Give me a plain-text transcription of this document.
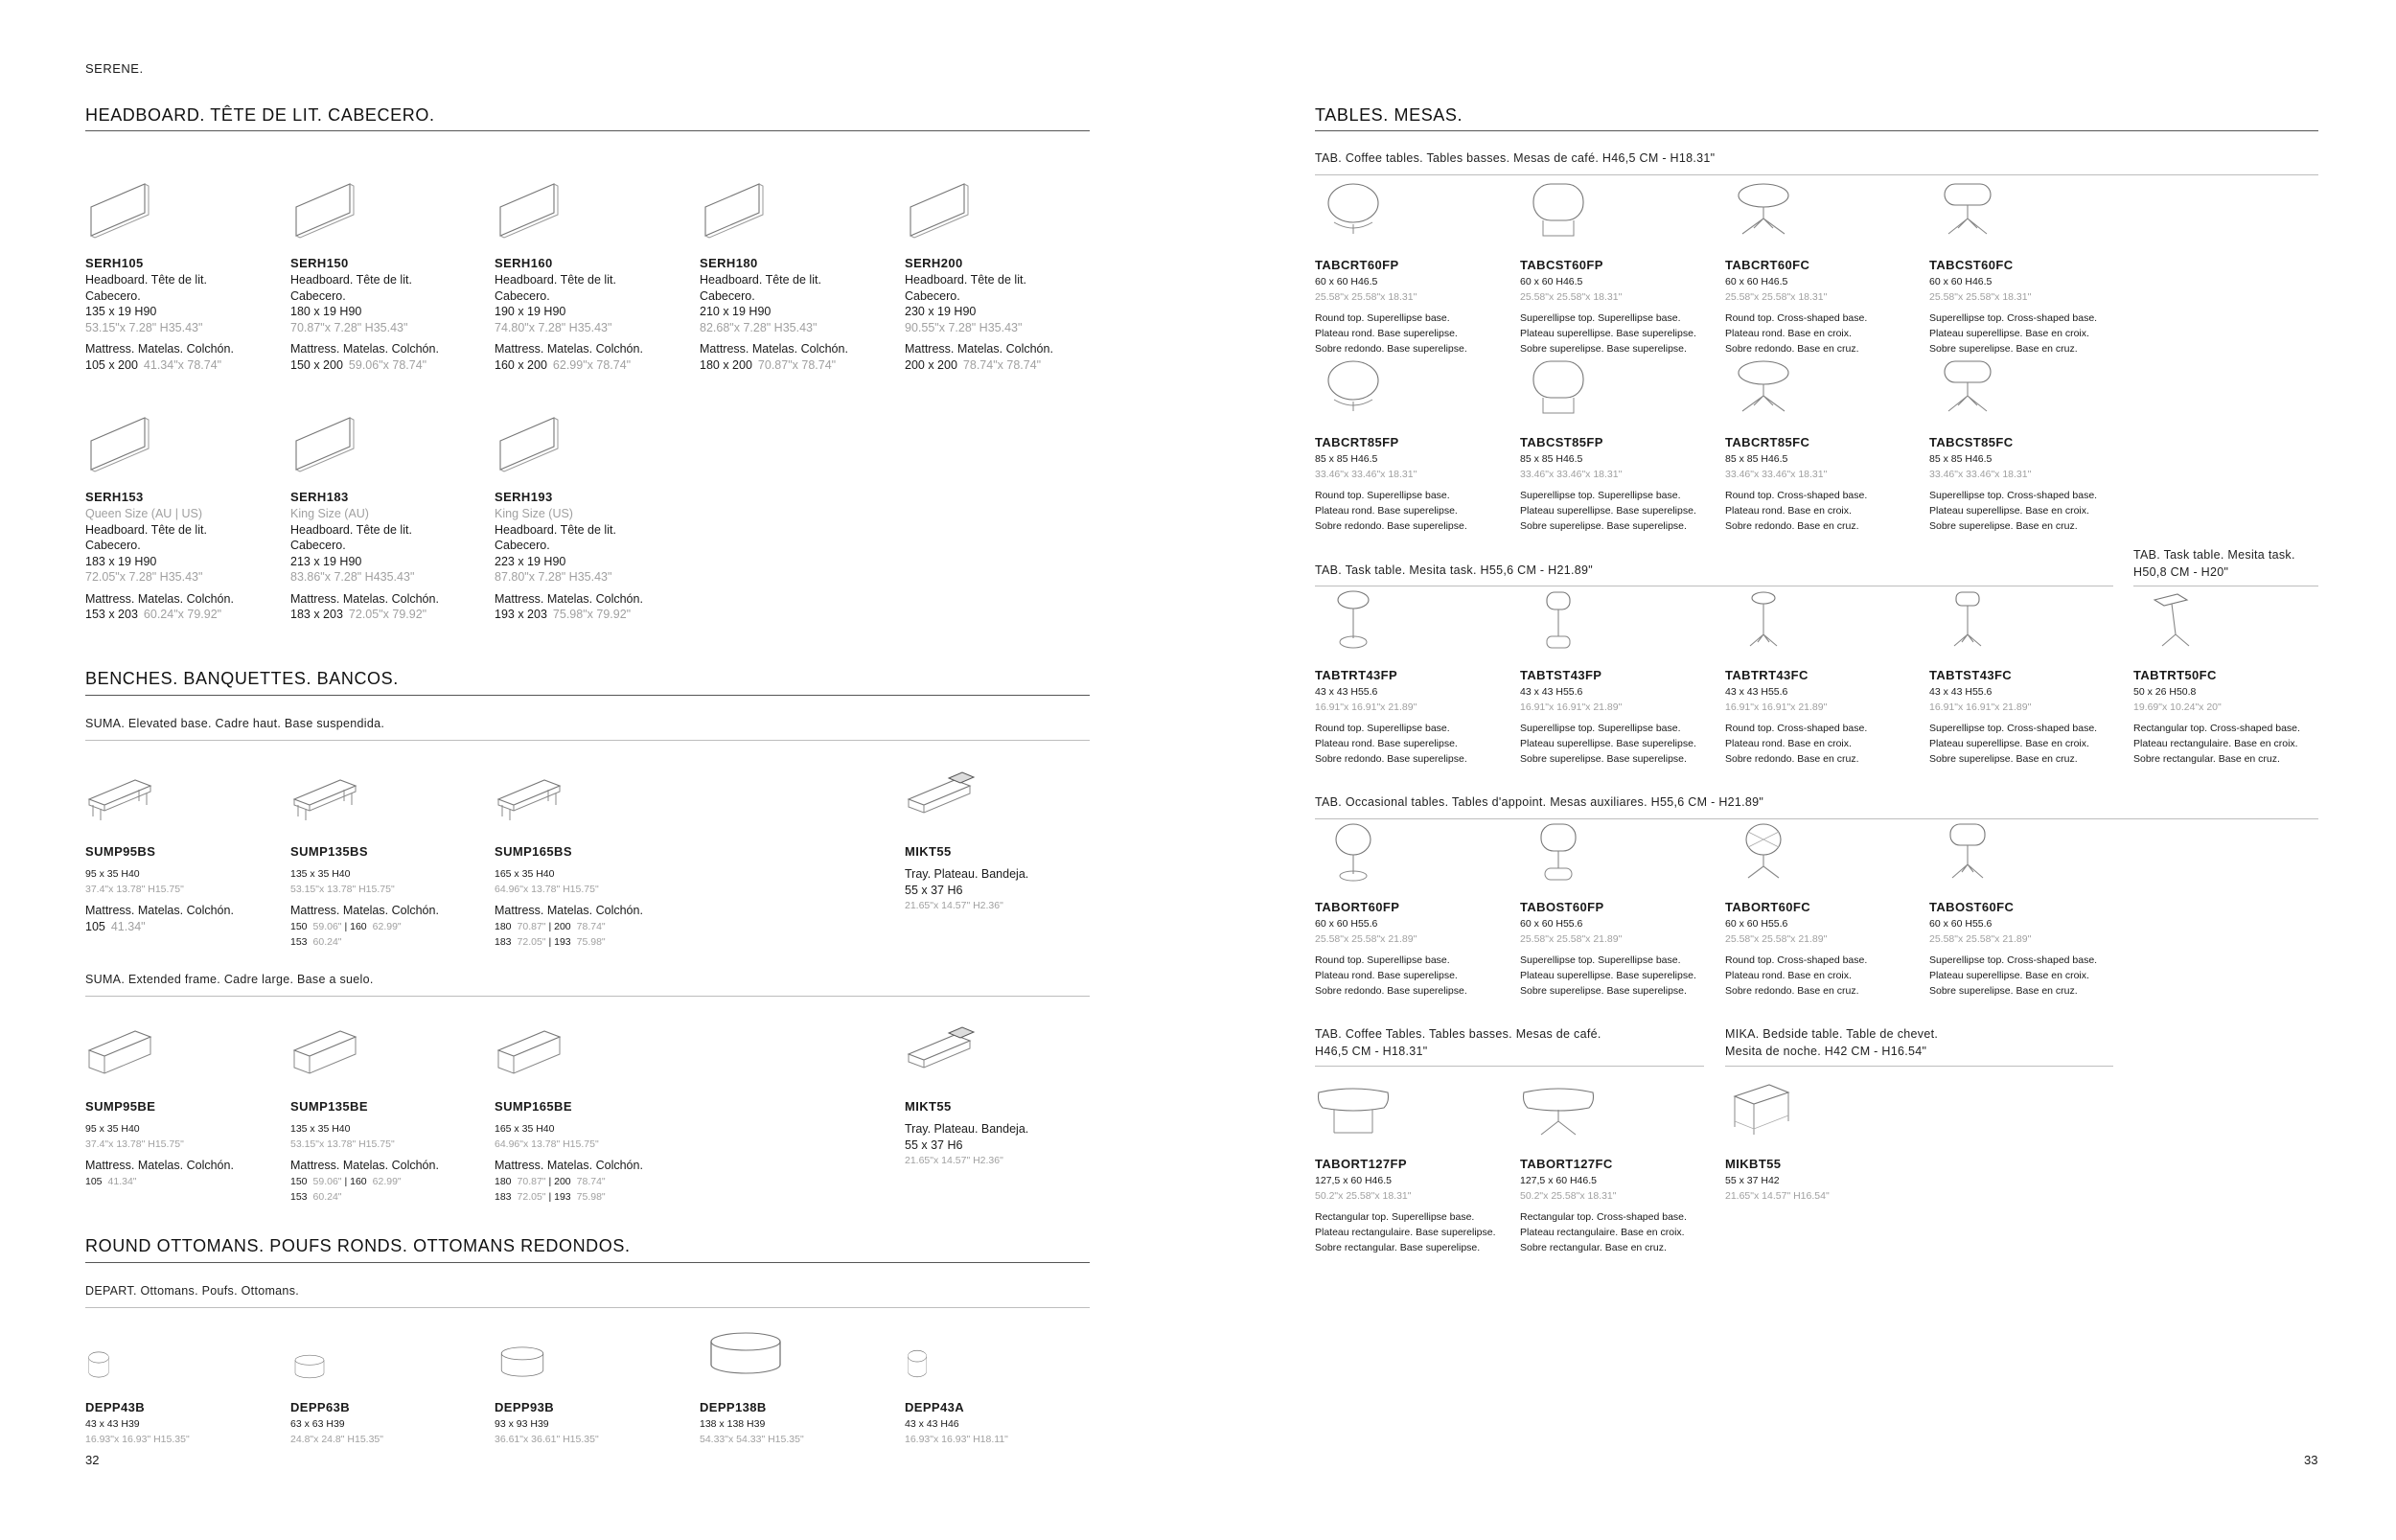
SERENE.
HEADBOARD. TÊTE DE LIT. CABECERO.
SERH105
Headboard. Tête de lit.
Cabecero.
135 x 19 H90
53.15"x 7.28" H35.43"
Mattress. Matelas. Colchón.
105 x 200 41.34"x 78.74"
SERH150
Headboard. Tête de lit.
Cabecero.
180 x 19 H90
70.87"x 7.28" H35.43"
Mattress. Matelas. Colchón.
150 x 200 59.06"x 78.74"
SERH160
Headboard. Tête de lit.
Cabecero.
190 x 19 H90
74.80"x 7.28" H35.43"
Mattress. Matelas. Colchón.
160 x 200 62.99"x 78.74"
SERH180
Headboard. Tête de lit.
Cabecero.
210 x 19 H90
82.68"x 7.28" H35.43"
Mattress. Matelas. Colchón.
180 x 200 70.87"x 78.74"
SERH200
Headboard. Tête de lit.
Cabecero.
230 x 19 H90
90.55"x 7.28" H35.43"
Mattress. Matelas. Colchón.
200 x 200 78.74"x 78.74"
SERH153
Queen Size (AU | US)
Headboard. Tête de lit.
Cabecero.
183 x 19 H90
72.05"x 7.28" H35.43"
Mattress. Matelas. Colchón.
153 x 203 60.24"x 79.92"
SERH183
King Size (AU)
Headboard. Tête de lit.
Cabecero.
213 x 19 H90
83.86"x 7.28" H435.43"
Mattress. Matelas. Colchón.
183 x 203 72.05"x 79.92"
SERH193
King Size (US)
Headboard. Tête de lit.
Cabecero.
223 x 19 H90
87.80"x 7.28" H35.43"
Mattress. Matelas. Colchón.
193 x 203 75.98"x 79.92"
BENCHES. BANQUETTES. BANCOS.
SUMA. Elevated base. Cadre haut. Base suspendida.
SUMP95BS
95 x 35 H40
37.4"x 13.78" H15.75"
Mattress. Matelas. Colchón.
105 41.34"
SUMP135BS
135 x 35 H40
53.15"x 13.78" H15.75"
Mattress. Matelas. Colchón.
150 59.06" | 160 62.99"
153 60.24"
SUMP165BS
165 x 35 H40
64.96"x 13.78" H15.75"
Mattress. Matelas. Colchón.
180 70.87" | 200 78.74"
183 72.05" | 193 75.98"
MIKT55
Tray. Plateau. Bandeja.
55 x 37 H6
21.65"x 14.57" H2.36"
SUMA. Extended frame. Cadre large. Base a suelo.
SUMP95BE
95 x 35 H40
37.4"x 13.78" H15.75"
Mattress. Matelas. Colchón.
105 41.34"
SUMP135BE
135 x 35 H40
53.15"x 13.78" H15.75"
Mattress. Matelas. Colchón.
150 59.06" | 160 62.99"
153 60.24"
SUMP165BE
165 x 35 H40
64.96"x 13.78" H15.75"
Mattress. Matelas. Colchón.
180 70.87" | 200 78.74"
183 72.05" | 193 75.98"
MIKT55
Tray. Plateau. Bandeja.
55 x 37 H6
21.65"x 14.57" H2.36"
ROUND OTTOMANS. POUFS RONDS. OTTOMANS REDONDOS.
DEPART. Ottomans. Poufs. Ottomans.
DEPP43B
43 x 43 H39
16.93"x 16.93" H15.35"
DEPP63B
63 x 63 H39
24.8"x 24.8" H15.35"
DEPP93B
93 x 93 H39
36.61"x 36.61" H15.35"
DEPP138B
138 x 138 H39
54.33"x 54.33" H15.35"
DEPP43A
43 x 43 H46
16.93"x 16.93" H18.11"
32
TABLES. MESAS.
TAB. Coffee tables. Tables basses. Mesas de café. H46,5 CM - H18.31"
TABCRT60FP
60 x 60 H46.5
25.58"x 25.58"x 18.31"
Round top. Superellipse base.
Plateau rond. Base superelipse.
Sobre redondo. Base superelipse.
TABCST60FP
60 x 60 H46.5
25.58"x 25.58"x 18.31"
Superellipse top. Superellipse base.
Plateau superellipse. Base superelipse.
Sobre superelipse. Base superelipse.
TABCRT60FC
60 x 60 H46.5
25.58"x 25.58"x 18.31"
Round top. Cross-shaped base.
Plateau rond. Base en croix.
Sobre redondo. Base en cruz.
TABCST60FC
60 x 60 H46.5
25.58"x 25.58"x 18.31"
Superellipse top. Cross-shaped base.
Plateau superellipse. Base en croix.
Sobre superelipse. Base en cruz.
TABCRT85FP
85 x 85 H46.5
33.46"x 33.46"x 18.31"
Round top. Superellipse base.
Plateau rond. Base superelipse.
Sobre redondo. Base superelipse.
TABCST85FP
85 x 85 H46.5
33.46"x 33.46"x 18.31"
Superellipse top. Superellipse base.
Plateau superellipse. Base superelipse.
Sobre superelipse. Base superelipse.
TABCRT85FC
85 x 85 H46.5
33.46"x 33.46"x 18.31"
Round top. Cross-shaped base.
Plateau rond. Base en croix.
Sobre redondo. Base en cruz.
TABCST85FC
85 x 85 H46.5
33.46"x 33.46"x 18.31"
Superellipse top. Cross-shaped base.
Plateau superellipse. Base en croix.
Sobre superelipse. Base en cruz.
TAB. Task table. Mesita task. H55,6 CM - H21.89"
TAB. Task table. Mesita task.
H50,8 CM - H20"
TABTRT43FP
43 x 43 H55.6
16.91"x 16.91"x 21.89"
Round top. Superellipse base.
Plateau rond. Base superelipse.
Sobre redondo. Base superelipse.
TABTST43FP
43 x 43 H55.6
16.91"x 16.91"x 21.89"
Superellipse top. Superellipse base.
Plateau superellipse. Base superelipse.
Sobre superelipse. Base superelipse.
TABTRT43FC
43 x 43 H55.6
16.91"x 16.91"x 21.89"
Round top. Cross-shaped base.
Plateau rond. Base en croix.
Sobre redondo. Base en cruz.
TABTST43FC
43 x 43 H55.6
16.91"x 16.91"x 21.89"
Superellipse top. Cross-shaped base.
Plateau superellipse. Base en croix.
Sobre superelipse. Base en cruz.
TABTRT50FC
50 x 26 H50.8
19.69"x 10.24"x 20"
Rectangular top. Cross-shaped base.
Plateau rectangulaire. Base en croix.
Sobre rectangular. Base en cruz.
TAB. Occasional tables. Tables d'appoint. Mesas auxiliares. H55,6 CM - H21.89"
TABORT60FP
60 x 60 H55.6
25.58"x 25.58"x 21.89"
Round top. Superellipse base.
Plateau rond. Base superelipse.
Sobre redondo. Base superelipse.
TABOST60FP
60 x 60 H55.6
25.58"x 25.58"x 21.89"
Superellipse top. Superellipse base.
Plateau superellipse. Base superelipse.
Sobre superelipse. Base superelipse.
TABORT60FC
60 x 60 H55.6
25.58"x 25.58"x 21.89"
Round top. Cross-shaped base.
Plateau rond. Base en croix.
Sobre redondo. Base en cruz.
TABOST60FC
60 x 60 H55.6
25.58"x 25.58"x 21.89"
Superellipse top. Cross-shaped base.
Plateau superellipse. Base en croix.
Sobre superelipse. Base en cruz.
TAB. Coffee Tables. Tables basses. Mesas de café.
H46,5 CM - H18.31"
MIKA. Bedside table. Table de chevet.
Mesita de noche. H42 CM - H16.54"
TABORT127FP
127,5 x 60 H46.5
50.2"x 25.58"x 18.31"
Rectangular top. Superellipse base.
Plateau rectangulaire. Base superelipse.
Sobre rectangular. Base superelipse.
TABORT127FC
127,5 x 60 H46.5
50.2"x 25.58"x 18.31"
Rectangular top. Cross-shaped base.
Plateau rectangulaire. Base en croix.
Sobre rectangular. Base en cruz.
MIKBT55
55 x 37 H42
21.65"x 14.57" H16.54"
33
